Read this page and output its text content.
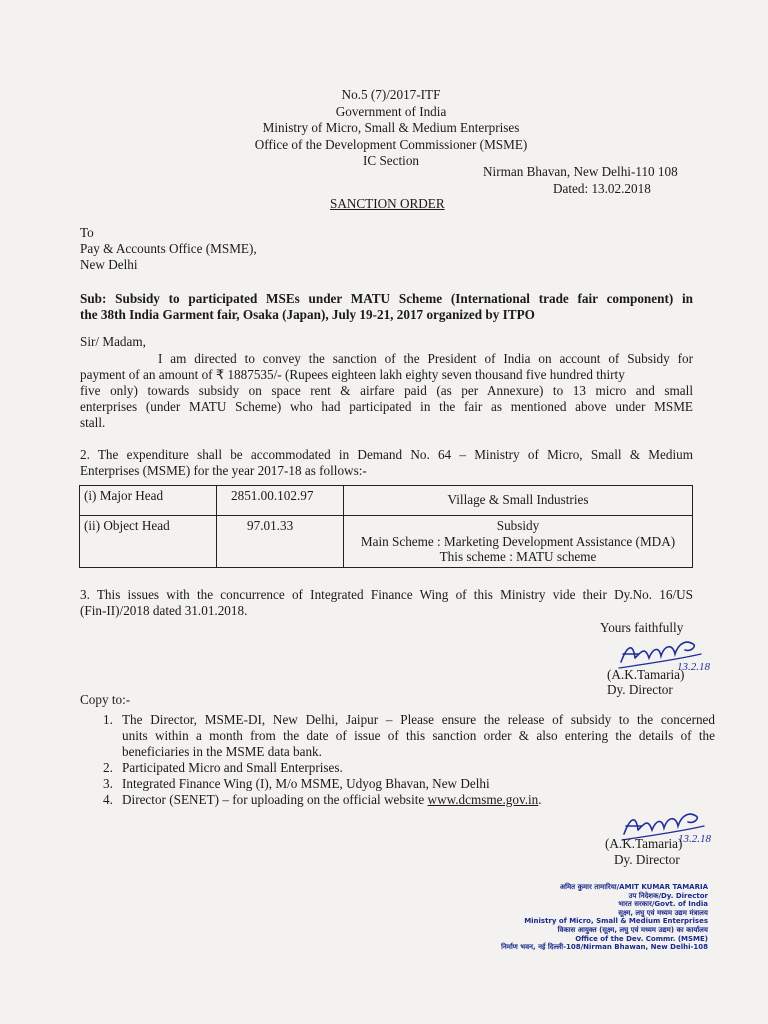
No.5 (7)/2017-ITF
Government of India
Ministry of Micro, Small & Medium Enterprises
Office of the Development Commissioner (MSME)
IC Section
Nirman Bhavan, New Delhi-110 108
Dated: 13.02.2018
SANCTION ORDER
To
Pay & Accounts Office (MSME),
New Delhi
Sub: Subsidy to participated MSEs under MATU Scheme (International trade fair component) in
the 38th India Garment fair, Osaka (Japan), July 19-21, 2017 organized by ITPO
Sir/ Madam,
I am directed to convey the sanction of the President of India on account of Subsidy for
payment of an amount of ₹ 1887535/- (Rupees eighteen lakh eighty seven thousand five hundred thirty
five only) towards subsidy on space rent & airfare paid (as per Annexure) to 13 micro and small
enterprises (under MATU Scheme) who had participated in the fair as mentioned above under MSME
stall.
2. The expenditure shall be accommodated in Demand No. 64 – Ministry of Micro, Small & Medium
Enterprises (MSME) for the year 2017-18 as follows:-
(i) Major Head	2851.00.102.97	Village & Small Industries

(ii) Object Head	97.01.33	Subsidy
Main Scheme : Marketing Development Assistance (MDA)
This scheme : MATU scheme
3. This issues with the concurrence of Integrated Finance Wing of this Ministry vide their Dy.No. 16/US
(Fin-II)/2018 dated 31.01.2018.
Yours faithfully
13.2.18
(A.K.Tamaria)
Dy. Director
Copy to:-
1. The Director, MSME-DI, New Delhi, Jaipur – Please ensure the release of subsidy to the concerned
units within a month from the date of issue of this sanction order & also entering the details of the
beneficiaries in the MSME data bank.
2. Participated Micro and Small Enterprises.
3. Integrated Finance Wing (I), M/o MSME, Udyog Bhavan, New Delhi
4. Director (SENET) – for uploading on the official website www.dcmsme.gov.in.
13.2.18
(A.K.Tamaria)
Dy. Director
अमित कुमार तामारिया/AMIT KUMAR TAMARIA
उप निदेशक/Dy. Director
भारत सरकार/Govt. of India
सूक्ष्म, लघु एवं मध्यम उद्यम मंत्रालय
Ministry of Micro, Small & Medium Enterprises
विकास आयुक्त (सूक्ष्म, लघु एवं मध्यम उद्यम) का कार्यालय
Office of the Dev. Commr. (MSME)
निर्माण भवन, नई दिल्ली-108/Nirman Bhawan, New Delhi-108
